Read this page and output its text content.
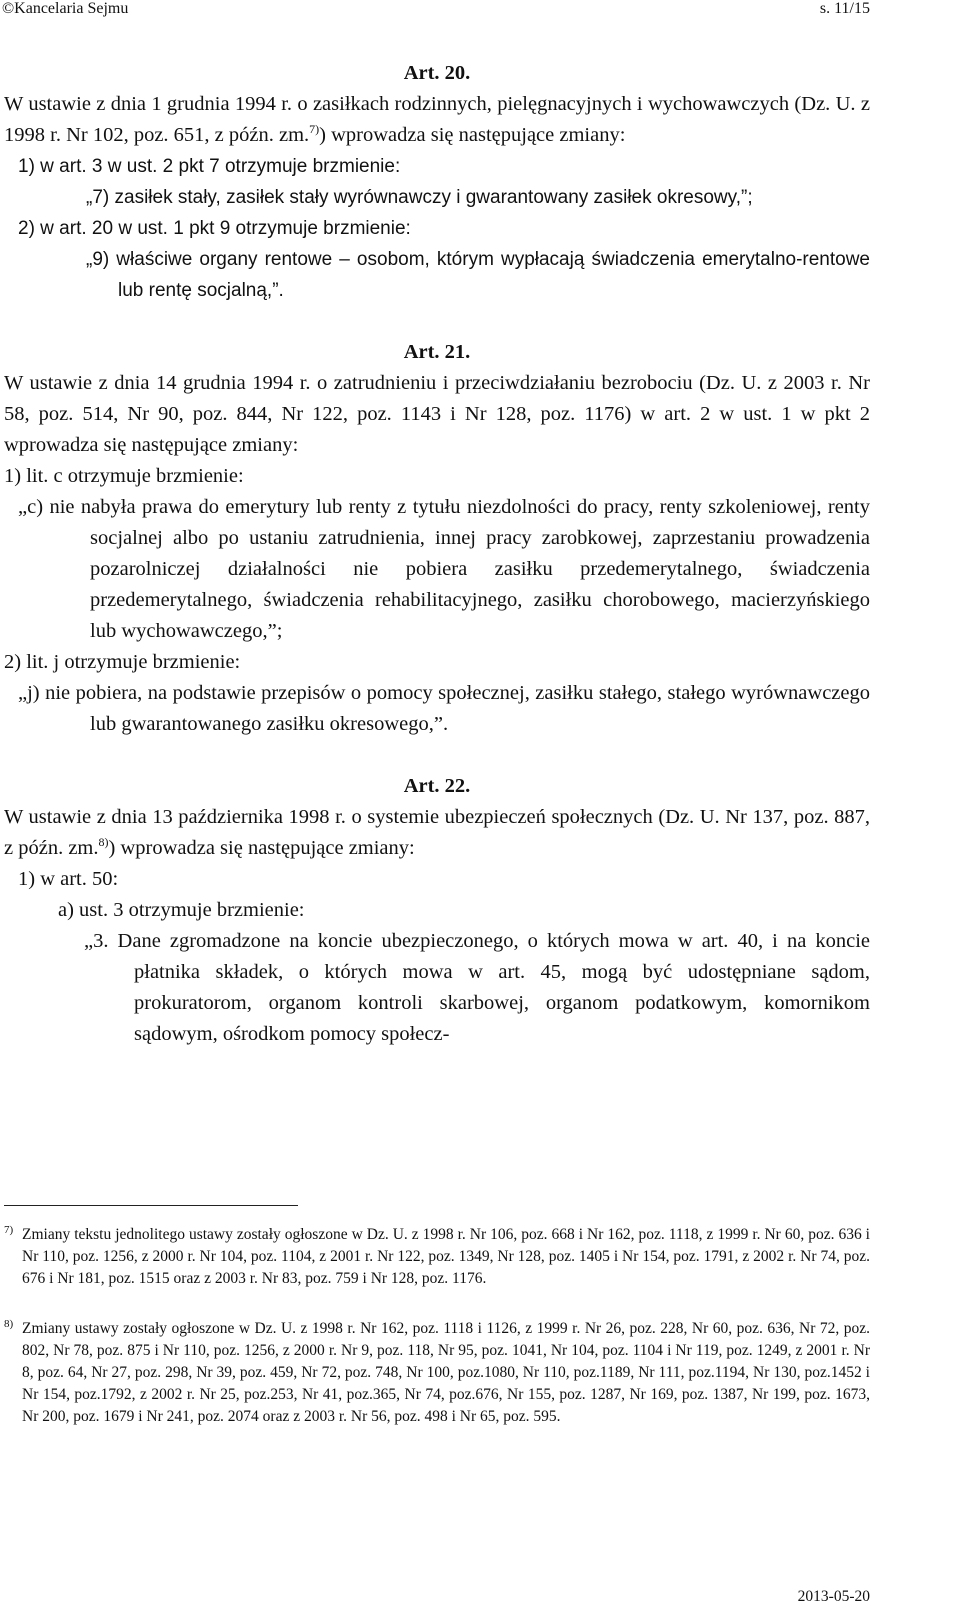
©Kancelaria Sejmu	s. 11/15

Art. 20.

W ustawie z dnia 1 grudnia 1994 r. o zasiłkach rodzinnych, pielęgnacyjnych i wychowawczych (Dz. U. z 1998 r. Nr 102, poz. 651, z późn. zm.$^{7)}$) wprowadza się następujące zmiany:

1) w art. 3 w ust. 2 pkt 7 otrzymuje brzmienie:

„7) zasiłek stały, zasiłek stały wyrównawczy i gwarantowany zasiłek okresowy,”;

2) w art. 20 w ust. 1 pkt 9 otrzymuje brzmienie:

„9) właściwe organy rentowe – osobom, którym wypłacają świadczenia emerytalno-rentowe lub rentę socjalną,”.

Art. 21.

W ustawie z dnia 14 grudnia 1994 r. o zatrudnieniu i przeciwdziałaniu bezrobociu (Dz. U. z 2003 r. Nr 58, poz. 514, Nr 90, poz. 844, Nr 122, poz. 1143 i Nr 128, poz. 1176) w art. 2 w ust. 1 w pkt 2 wprowadza się następujące zmiany:

1) lit. c otrzymuje brzmienie:

„c) nie nabyła prawa do emerytury lub renty z tytułu niezdolności do pracy, renty szkoleniowej, renty socjalnej albo po ustaniu zatrudnienia, innej pracy zarobkowej, zaprzestaniu prowadzenia pozarolniczej działalności nie pobiera zasiłku przedemerytalnego, świadczenia przedemerytalnego, świadczenia rehabilitacyjnego, zasiłku chorobowego, macierzyńskiego lub wychowawczego,”;

2) lit. j otrzymuje brzmienie:

„j) nie pobiera, na podstawie przepisów o pomocy społecznej, zasiłku stałego, stałego wyrównawczego lub gwarantowanego zasiłku okresowego,”.

Art. 22.

W ustawie z dnia 13 października 1998 r. o systemie ubezpieczeń społecznych (Dz. U. Nr 137, poz. 887, z późn. zm.$^{8)}$) wprowadza się następujące zmiany:

1) w art. 50:

a) ust. 3 otrzymuje brzmienie:

„3. Dane zgromadzone na koncie ubezpieczonego, o których mowa w art. 40, i na koncie płatnika składek, o których mowa w art. 45, mogą być udostępniane sądom, prokuratorom, organom kontroli skarbowej, organom podatkowym, komornikom sądowym, ośrodkom pomocy społecz-

7) Zmiany tekstu jednolitego ustawy zostały ogłoszone w Dz. U. z 1998 r. Nr 106, poz. 668 i Nr 162, poz. 1118, z 1999 r. Nr 60, poz. 636 i Nr 110, poz. 1256, z 2000 r. Nr 104, poz. 1104, z 2001 r. Nr 122, poz. 1349, Nr 128, poz. 1405 i Nr 154, poz. 1791, z 2002 r. Nr 74, poz. 676 i Nr 181, poz. 1515 oraz z 2003 r. Nr 83, poz. 759 i Nr 128, poz. 1176.

8) Zmiany ustawy zostały ogłoszone w Dz. U. z 1998 r. Nr 162, poz. 1118 i 1126, z 1999 r. Nr 26, poz. 228, Nr 60, poz. 636, Nr 72, poz. 802, Nr 78, poz. 875 i Nr 110, poz. 1256, z 2000 r. Nr 9, poz. 118, Nr 95, poz. 1041, Nr 104, poz. 1104 i Nr 119, poz. 1249, z 2001 r. Nr 8, poz. 64, Nr 27, poz. 298, Nr 39, poz. 459, Nr 72, poz. 748, Nr 100, poz.1080, Nr 110, poz.1189, Nr 111, poz.1194, Nr 130, poz.1452 i Nr 154, poz.1792, z 2002 r. Nr 25, poz.253, Nr 41, poz.365, Nr 74, poz.676, Nr 155, poz. 1287, Nr 169, poz. 1387, Nr 199, poz. 1673, Nr 200, poz. 1679 i Nr 241, poz. 2074 oraz z 2003 r. Nr 56, poz. 498 i Nr 65, poz. 595.

2013-05-20
